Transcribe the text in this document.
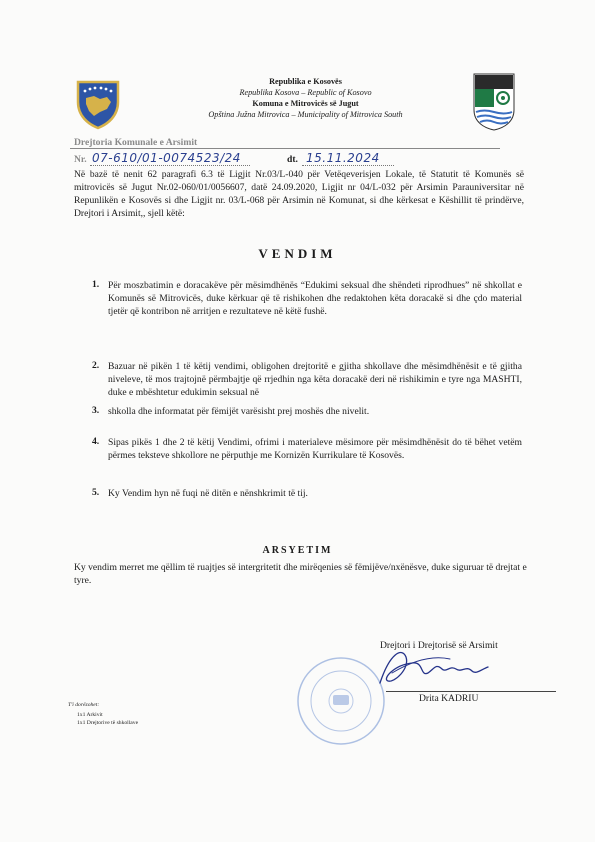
Republika e Kosovës
Republika Kosova – Republic of Kosovo
Komuna e Mitrovicës së Jugut
Opština Južna Mitrovica – Municipality of Mitrovica South
Drejtoria Komunale e Arsimit
Nr. 07-610/01-0074523/24	dt. 15.11.2024
Në bazë të nenit 62 paragrafi 6.3 të Ligjit Nr.03/L-040 për Vetëqeverisjen Lokale, të Statutit të Komunës së mitrovicës së Jugut Nr.02-060/01/0056607, datë 24.09.2020, Ligjit nr 04/L-032 për Arsimin Parauniversitar në Repunlikën e Kosovës si dhe Ligjit nr. 03/L-068 për Arsimin në Komunat, si dhe kërkesat e Këshillit të prindërve, Drejtori i Arsimit,, sjell këtë:
VENDIM
1. Për moszbatimin e doracakëve për mësimdhënës “Edukimi seksual dhe shëndeti riprodhues” në shkollat e Komunës së Mitrovicës, duke kërkuar që të rishikohen dhe redaktohen këta doracakë si dhe çdo material tjetër që kontribon në arritjen e rezultateve në këtë fushë.
2. Bazuar në pikën 1 të këtij vendimi, obligohen drejtoritë e gjitha shkollave dhe mësimdhënësit e të gjitha niveleve, të mos trajtojnë përmbajtje që rrjedhin nga këta doracakë deri në rishikimin e tyre nga MASHTI, duke e mbështetur edukimin seksual në
3. shkolla dhe informatat për fëmijët varësisht prej moshës dhe nivelit.
4. Sipas pikës 1 dhe 2 të këtij Vendimi, ofrimi i materialeve mësimore për mësimdhënësit do të bëhet vetëm përmes teksteve shkollore ne përputhje me Kornizën Kurrikulare të Kosovës.
5. Ky Vendim hyn në fuqi në ditën e nënshkrimit të tij.
ARSYETIM
Ky vendim merret me qëllim të ruajtjes së intergritetit dhe mirëqenies së fëmijëve/nxënësve, duke siguruar të drejtat e tyre.
Drejtori i Drejtorisë së Arsimit
Drita KADRIU
T'i dorëzohet:
1x1 Arkivit
1x1 Drejtorive të shkollave
